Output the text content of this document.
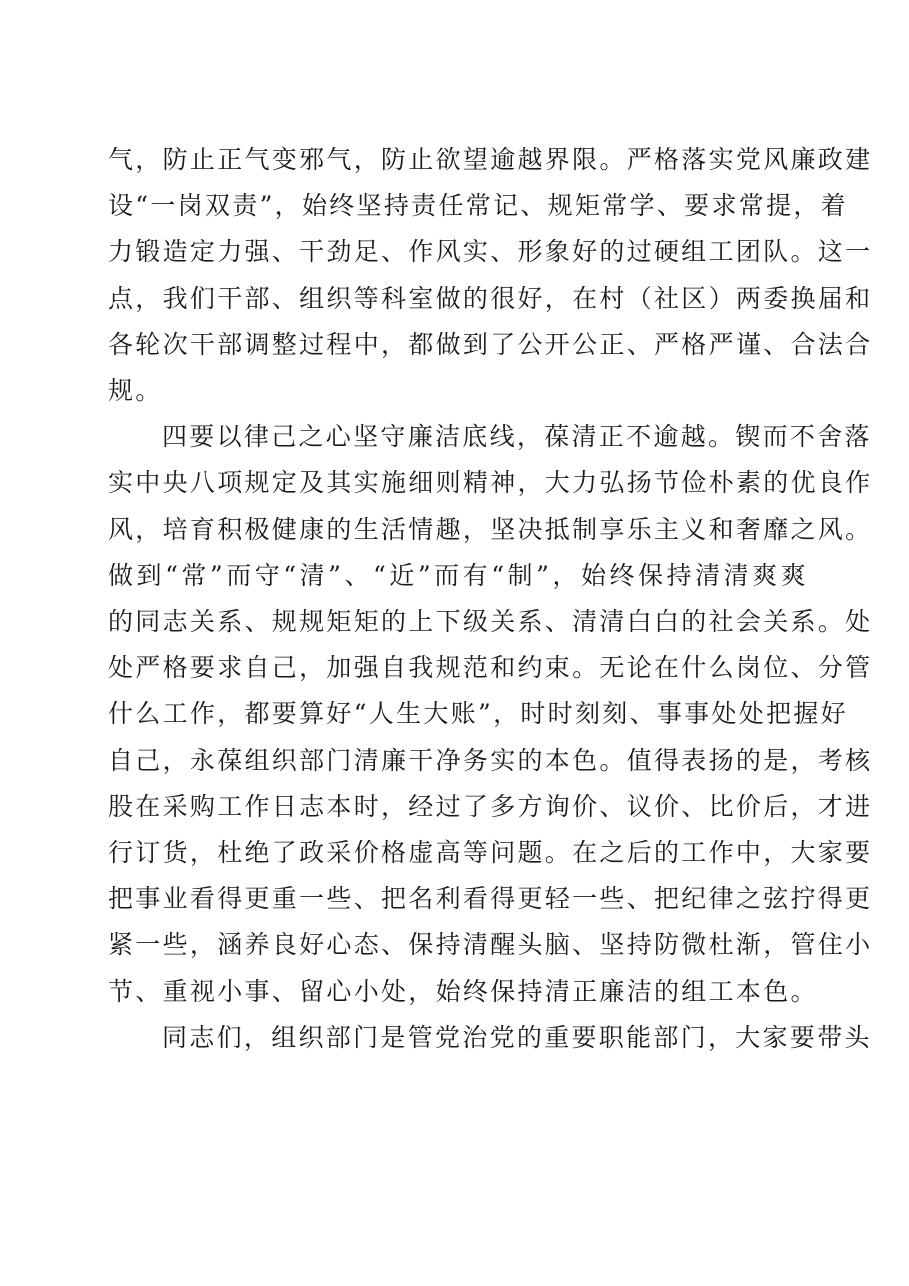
气，防止正气变邪气，防止欲望逾越界限。严格落实党风廉政建
设“一岗双责”，始终坚持责任常记、规矩常学、要求常提，着
力锻造定力强、干劲足、作风实、形象好的过硬组工团队。这一
点，我们干部、组织等科室做的很好，在村（社区）两委换届和
各轮次干部调整过程中，都做到了公开公正、严格严谨、合法合
规。
四要以律己之心坚守廉洁底线，葆清正不逾越。锲而不舍落
实中央八项规定及其实施细则精神，大力弘扬节俭朴素的优良作
风，培育积极健康的生活情趣，坚决抵制享乐主义和奢靡之风。
做到“常”而守“清”、“近”而有“制”，始终保持清清爽爽
的同志关系、规规矩矩的上下级关系、清清白白的社会关系。处
处严格要求自己，加强自我规范和约束。无论在什么岗位、分管
什么工作，都要算好“人生大账”，时时刻刻、事事处处把握好
自己，永葆组织部门清廉干净务实的本色。值得表扬的是，考核
股在采购工作日志本时，经过了多方询价、议价、比价后，才进
行订货，杜绝了政采价格虚高等问题。在之后的工作中，大家要
把事业看得更重一些、把名利看得更轻一些、把纪律之弦拧得更
紧一些，涵养良好心态、保持清醒头脑、坚持防微杜渐，管住小
节、重视小事、留心小处，始终保持清正廉洁的组工本色。
同志们，组织部门是管党治党的重要职能部门，大家要带头
